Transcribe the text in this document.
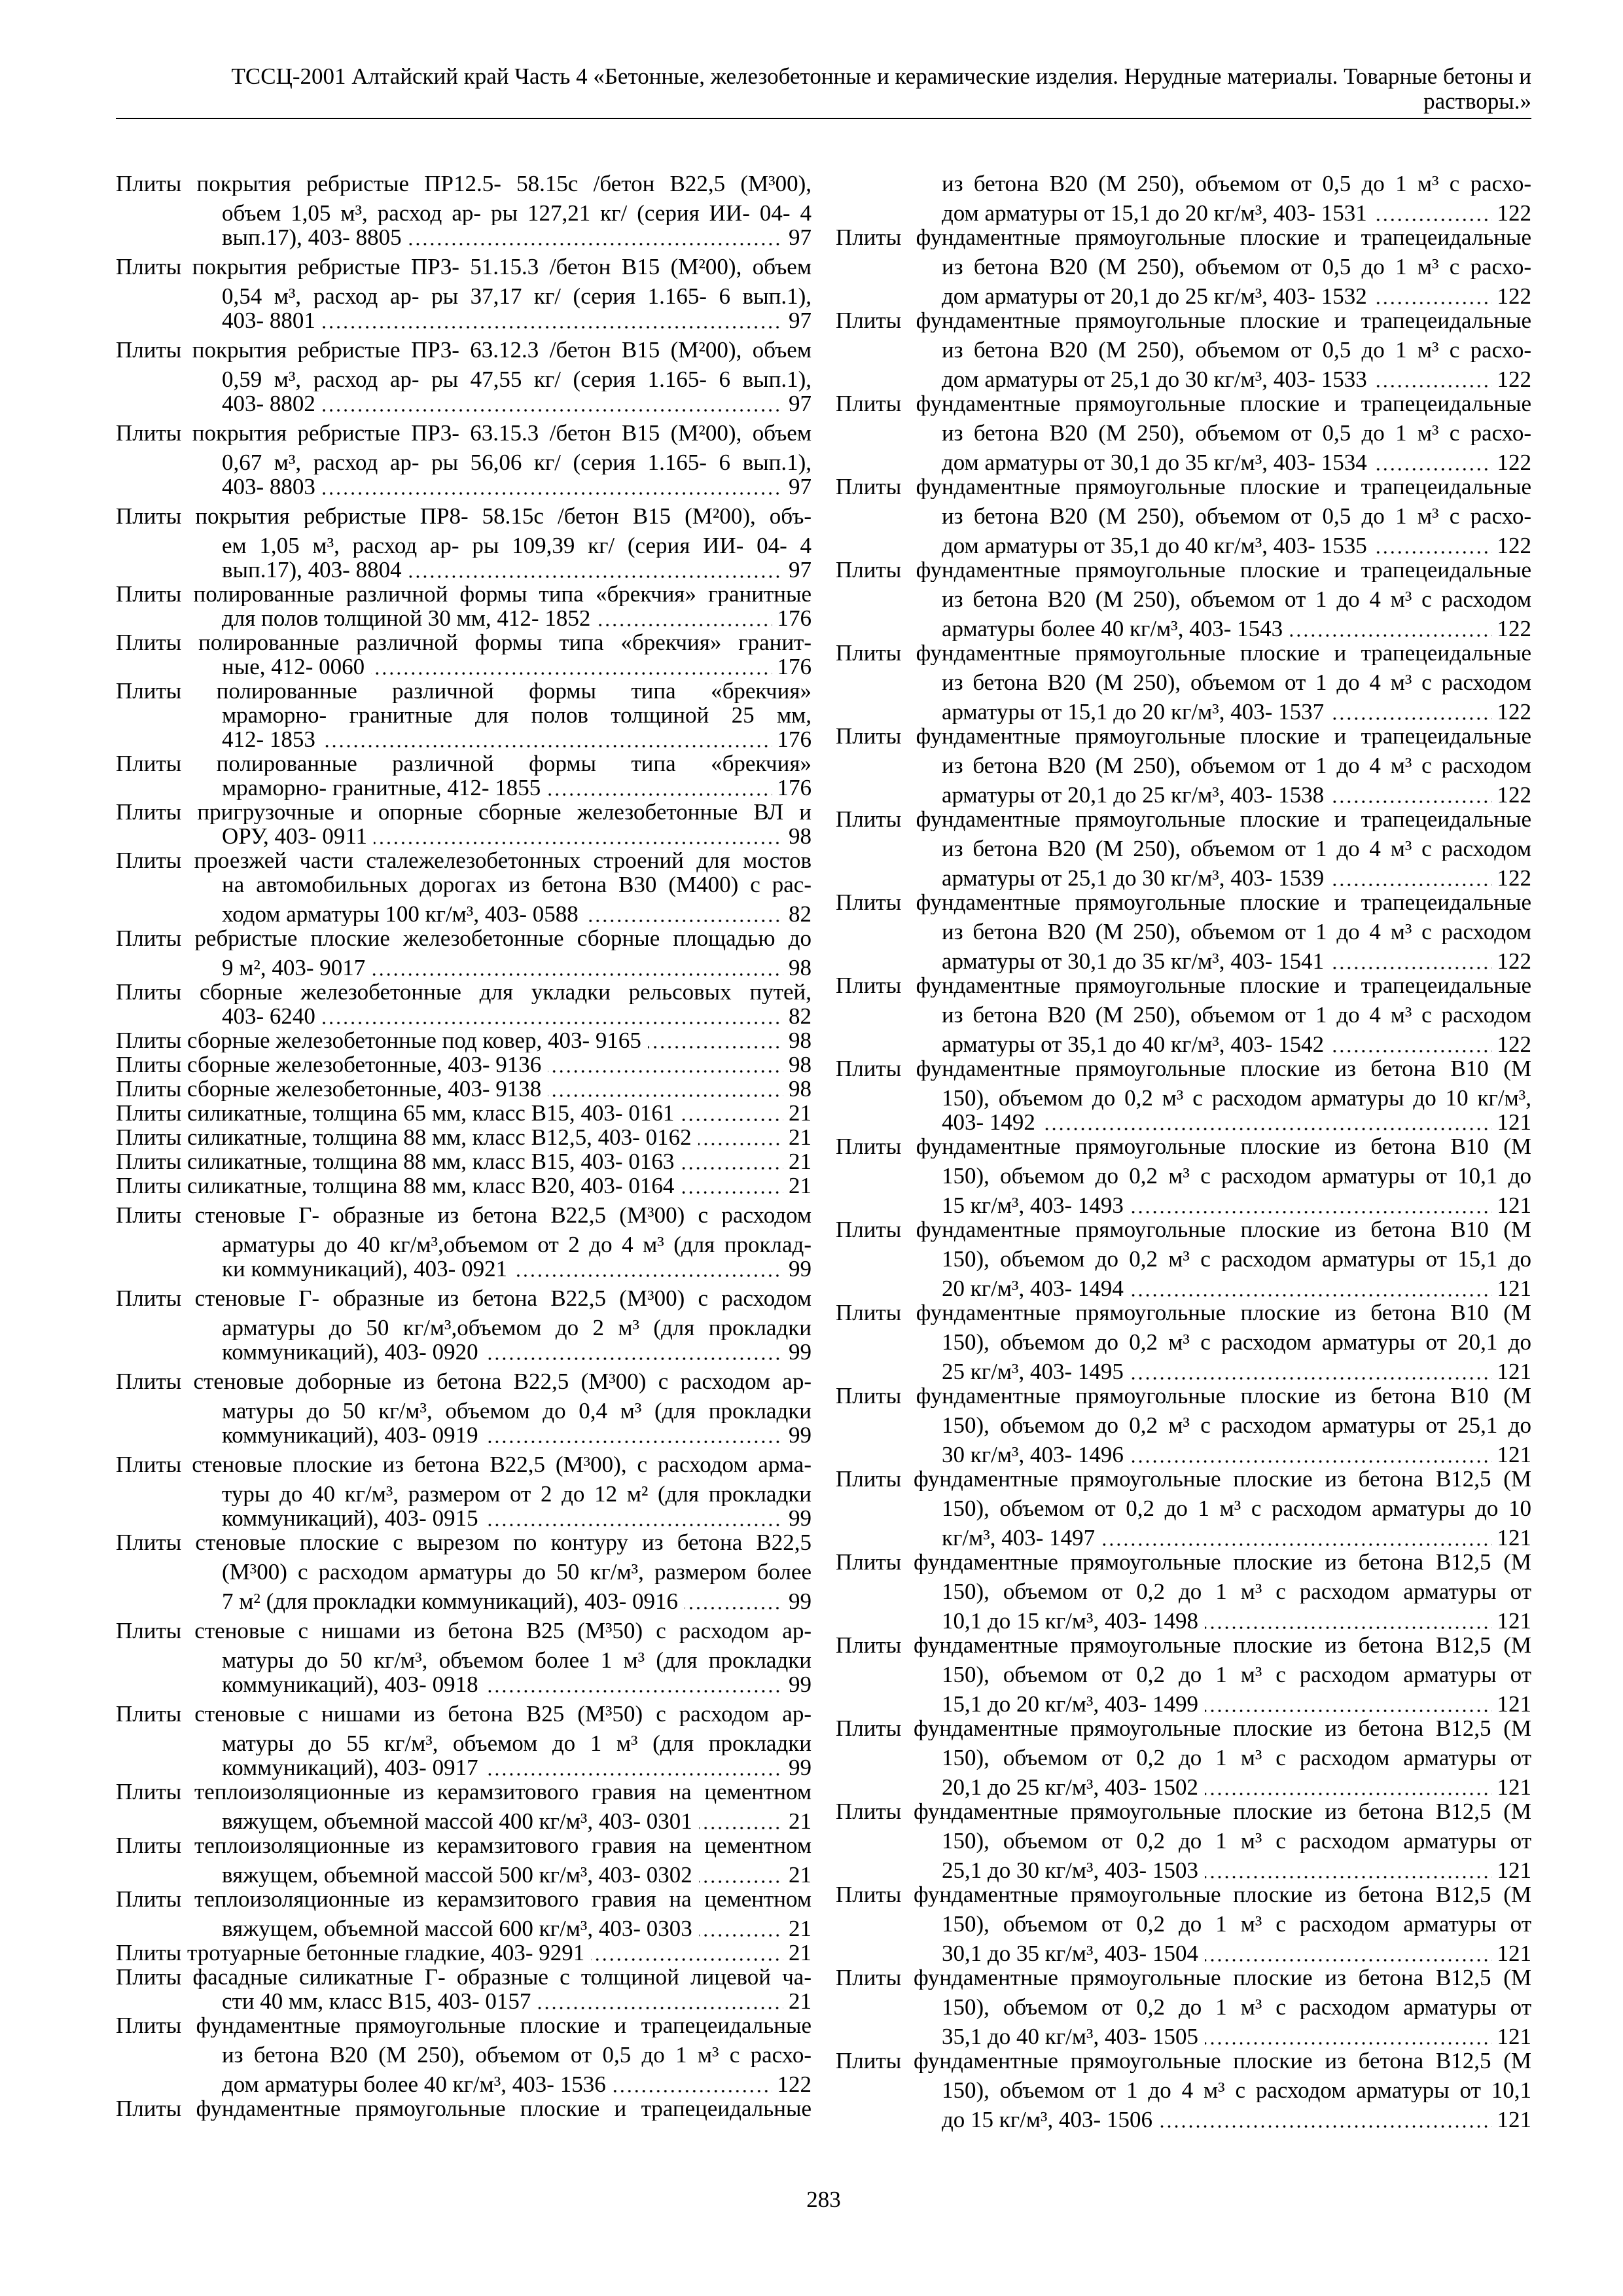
ТССЦ-2001 Алтайский край Часть 4 «Бетонные, железобетонные и керамические изделия. Нерудные материалы. Товарные бетоны и
растворы.»
Плиты покрытия ребристые ПР12.5- 58.15с /бетон В22,5 (М³00),
объем 1,05 м³, расход ар- ры 127,21 кг/ (серия ИИ- 04- 4
вып.17), 403- 8805	97
Плиты покрытия ребристые ПР3- 51.15.3 /бетон В15 (М²00), объем
0,54 м³, расход ар- ры 37,17 кг/ (серия 1.165- 6 вып.1),
403- 8801	97
Плиты покрытия ребристые ПР3- 63.12.3 /бетон В15 (М²00), объем
0,59 м³, расход ар- ры 47,55 кг/ (серия 1.165- 6 вып.1),
403- 8802	97
Плиты покрытия ребристые ПР3- 63.15.3 /бетон В15 (М²00), объем
0,67 м³, расход ар- ры 56,06 кг/ (серия 1.165- 6 вып.1),
403- 8803	97
Плиты покрытия ребристые ПР8- 58.15с /бетон В15 (М²00), объ-
ем 1,05 м³, расход ар- ры 109,39 кг/ (серия ИИ- 04- 4
вып.17), 403- 8804	97
Плиты полированные различной формы типа «брекчия» гранитные
для полов толщиной 30 мм, 412- 1852	176
Плиты полированные различной формы типа «брекчия» гранит-
ные, 412- 0060	176
Плиты полированные различной формы типа «брекчия»
мраморно- гранитные для полов толщиной 25 мм,
412- 1853	176
Плиты полированные различной формы типа «брекчия»
мраморно- гранитные, 412- 1855	176
Плиты пригрузочные и опорные сборные железобетонные ВЛ и
ОРУ, 403- 0911	98
Плиты проезжей части сталежелезобетонных строений для мостов
на автомобильных дорогах из бетона В30 (М400) с рас-
ходом арматуры 100 кг/м³, 403- 0588	82
Плиты ребристые плоские железобетонные сборные площадью до
9 м², 403- 9017	98
Плиты сборные железобетонные для укладки рельсовых путей,
403- 6240	82
Плиты сборные железобетонные под ковер, 403- 9165	98
Плиты сборные железобетонные, 403- 9136	98
Плиты сборные железобетонные, 403- 9138	98
Плиты силикатные, толщина 65 мм, класс В15, 403- 0161	21
Плиты силикатные, толщина 88 мм, класс В12,5, 403- 0162	21
Плиты силикатные, толщина 88 мм, класс В15, 403- 0163	21
Плиты силикатные, толщина 88 мм, класс В20, 403- 0164	21
Плиты стеновые Г- образные из бетона В22,5 (М³00) с расходом
арматуры до 40 кг/м³,объемом от 2 до 4 м³ (для проклад-
ки коммуникаций), 403- 0921	99
Плиты стеновые Г- образные из бетона В22,5 (М³00) с расходом
арматуры до 50 кг/м³,объемом до 2 м³ (для прокладки
коммуникаций), 403- 0920	99
Плиты стеновые доборные из бетона В22,5 (М³00) с расходом ар-
матуры до 50 кг/м³, объемом до 0,4 м³ (для прокладки
коммуникаций), 403- 0919	99
Плиты стеновые плоские из бетона В22,5 (М³00), с расходом арма-
туры до 40 кг/м³, размером от 2 до 12 м² (для прокладки
коммуникаций), 403- 0915	99
Плиты стеновые плоские с вырезом по контуру из бетона В22,5
(М³00) с расходом арматуры до 50 кг/м³, размером более
7 м² (для прокладки коммуникаций), 403- 0916	99
Плиты стеновые с нишами из бетона В25 (М³50) с расходом ар-
матуры до 50 кг/м³, объемом более 1 м³ (для прокладки
коммуникаций), 403- 0918	99
Плиты стеновые с нишами из бетона В25 (М³50) с расходом ар-
матуры до 55 кг/м³, объемом до 1 м³ (для прокладки
коммуникаций), 403- 0917	99
Плиты теплоизоляционные из керамзитового гравия на цементном
вяжущем, объемной массой 400 кг/м³, 403- 0301	21
Плиты теплоизоляционные из керамзитового гравия на цементном
вяжущем, объемной массой 500 кг/м³, 403- 0302	21
Плиты теплоизоляционные из керамзитового гравия на цементном
вяжущем, объемной массой 600 кг/м³, 403- 0303	21
Плиты тротуарные бетонные гладкие, 403- 9291	21
Плиты фасадные силикатные Г- образные с толщиной лицевой ча-
сти 40 мм, класс В15, 403- 0157	21
Плиты фундаментные прямоугольные плоские и трапецеидальные
из бетона В20 (М 250), объемом от 0,5 до 1 м³ с расхо-
дом арматуры более 40 кг/м³, 403- 1536	122
Плиты фундаментные прямоугольные плоские и трапецеидальные
из бетона В20 (М 250), объемом от 0,5 до 1 м³ с расхо-
дом арматуры от 15,1 до 20 кг/м³, 403- 1531	122
Плиты фундаментные прямоугольные плоские и трапецеидальные
из бетона В20 (М 250), объемом от 0,5 до 1 м³ с расхо-
дом арматуры от 20,1 до 25 кг/м³, 403- 1532	122
Плиты фундаментные прямоугольные плоские и трапецеидальные
из бетона В20 (М 250), объемом от 0,5 до 1 м³ с расхо-
дом арматуры от 25,1 до 30 кг/м³, 403- 1533	122
Плиты фундаментные прямоугольные плоские и трапецеидальные
из бетона В20 (М 250), объемом от 0,5 до 1 м³ с расхо-
дом арматуры от 30,1 до 35 кг/м³, 403- 1534	122
Плиты фундаментные прямоугольные плоские и трапецеидальные
из бетона В20 (М 250), объемом от 0,5 до 1 м³ с расхо-
дом арматуры от 35,1 до 40 кг/м³, 403- 1535	122
Плиты фундаментные прямоугольные плоские и трапецеидальные
из бетона В20 (М 250), объемом от 1 до 4 м³ с расходом
арматуры более 40 кг/м³, 403- 1543	122
Плиты фундаментные прямоугольные плоские и трапецеидальные
из бетона В20 (М 250), объемом от 1 до 4 м³ с расходом
арматуры от 15,1 до 20 кг/м³, 403- 1537	122
Плиты фундаментные прямоугольные плоские и трапецеидальные
из бетона В20 (М 250), объемом от 1 до 4 м³ с расходом
арматуры от 20,1 до 25 кг/м³, 403- 1538	122
Плиты фундаментные прямоугольные плоские и трапецеидальные
из бетона В20 (М 250), объемом от 1 до 4 м³ с расходом
арматуры от 25,1 до 30 кг/м³, 403- 1539	122
Плиты фундаментные прямоугольные плоские и трапецеидальные
из бетона В20 (М 250), объемом от 1 до 4 м³ с расходом
арматуры от 30,1 до 35 кг/м³, 403- 1541	122
Плиты фундаментные прямоугольные плоские и трапецеидальные
из бетона В20 (М 250), объемом от 1 до 4 м³ с расходом
арматуры от 35,1 до 40 кг/м³, 403- 1542	122
Плиты фундаментные прямоугольные плоские из бетона В10 (М
150), объемом до 0,2 м³ с расходом арматуры до 10 кг/м³,
403- 1492	121
Плиты фундаментные прямоугольные плоские из бетона В10 (М
150), объемом до 0,2 м³ с расходом арматуры от 10,1 до
15 кг/м³, 403- 1493	121
Плиты фундаментные прямоугольные плоские из бетона В10 (М
150), объемом до 0,2 м³ с расходом арматуры от 15,1 до
20 кг/м³, 403- 1494	121
Плиты фундаментные прямоугольные плоские из бетона В10 (М
150), объемом до 0,2 м³ с расходом арматуры от 20,1 до
25 кг/м³, 403- 1495	121
Плиты фундаментные прямоугольные плоские из бетона В10 (М
150), объемом до 0,2 м³ с расходом арматуры от 25,1 до
30 кг/м³, 403- 1496	121
Плиты фундаментные прямоугольные плоские из бетона В12,5 (М
150), объемом от 0,2 до 1 м³ с расходом арматуры до 10
кг/м³, 403- 1497	121
Плиты фундаментные прямоугольные плоские из бетона В12,5 (М
150), объемом от 0,2 до 1 м³ с расходом арматуры от
10,1 до 15 кг/м³, 403- 1498	121
Плиты фундаментные прямоугольные плоские из бетона В12,5 (М
150), объемом от 0,2 до 1 м³ с расходом арматуры от
15,1 до 20 кг/м³, 403- 1499	121
Плиты фундаментные прямоугольные плоские из бетона В12,5 (М
150), объемом от 0,2 до 1 м³ с расходом арматуры от
20,1 до 25 кг/м³, 403- 1502	121
Плиты фундаментные прямоугольные плоские из бетона В12,5 (М
150), объемом от 0,2 до 1 м³ с расходом арматуры от
25,1 до 30 кг/м³, 403- 1503	121
Плиты фундаментные прямоугольные плоские из бетона В12,5 (М
150), объемом от 0,2 до 1 м³ с расходом арматуры от
30,1 до 35 кг/м³, 403- 1504	121
Плиты фундаментные прямоугольные плоские из бетона В12,5 (М
150), объемом от 0,2 до 1 м³ с расходом арматуры от
35,1 до 40 кг/м³, 403- 1505	121
Плиты фундаментные прямоугольные плоские из бетона В12,5 (М
150), объемом от 1 до 4 м³ с расходом арматуры от 10,1
до 15 кг/м³, 403- 1506	121
283
